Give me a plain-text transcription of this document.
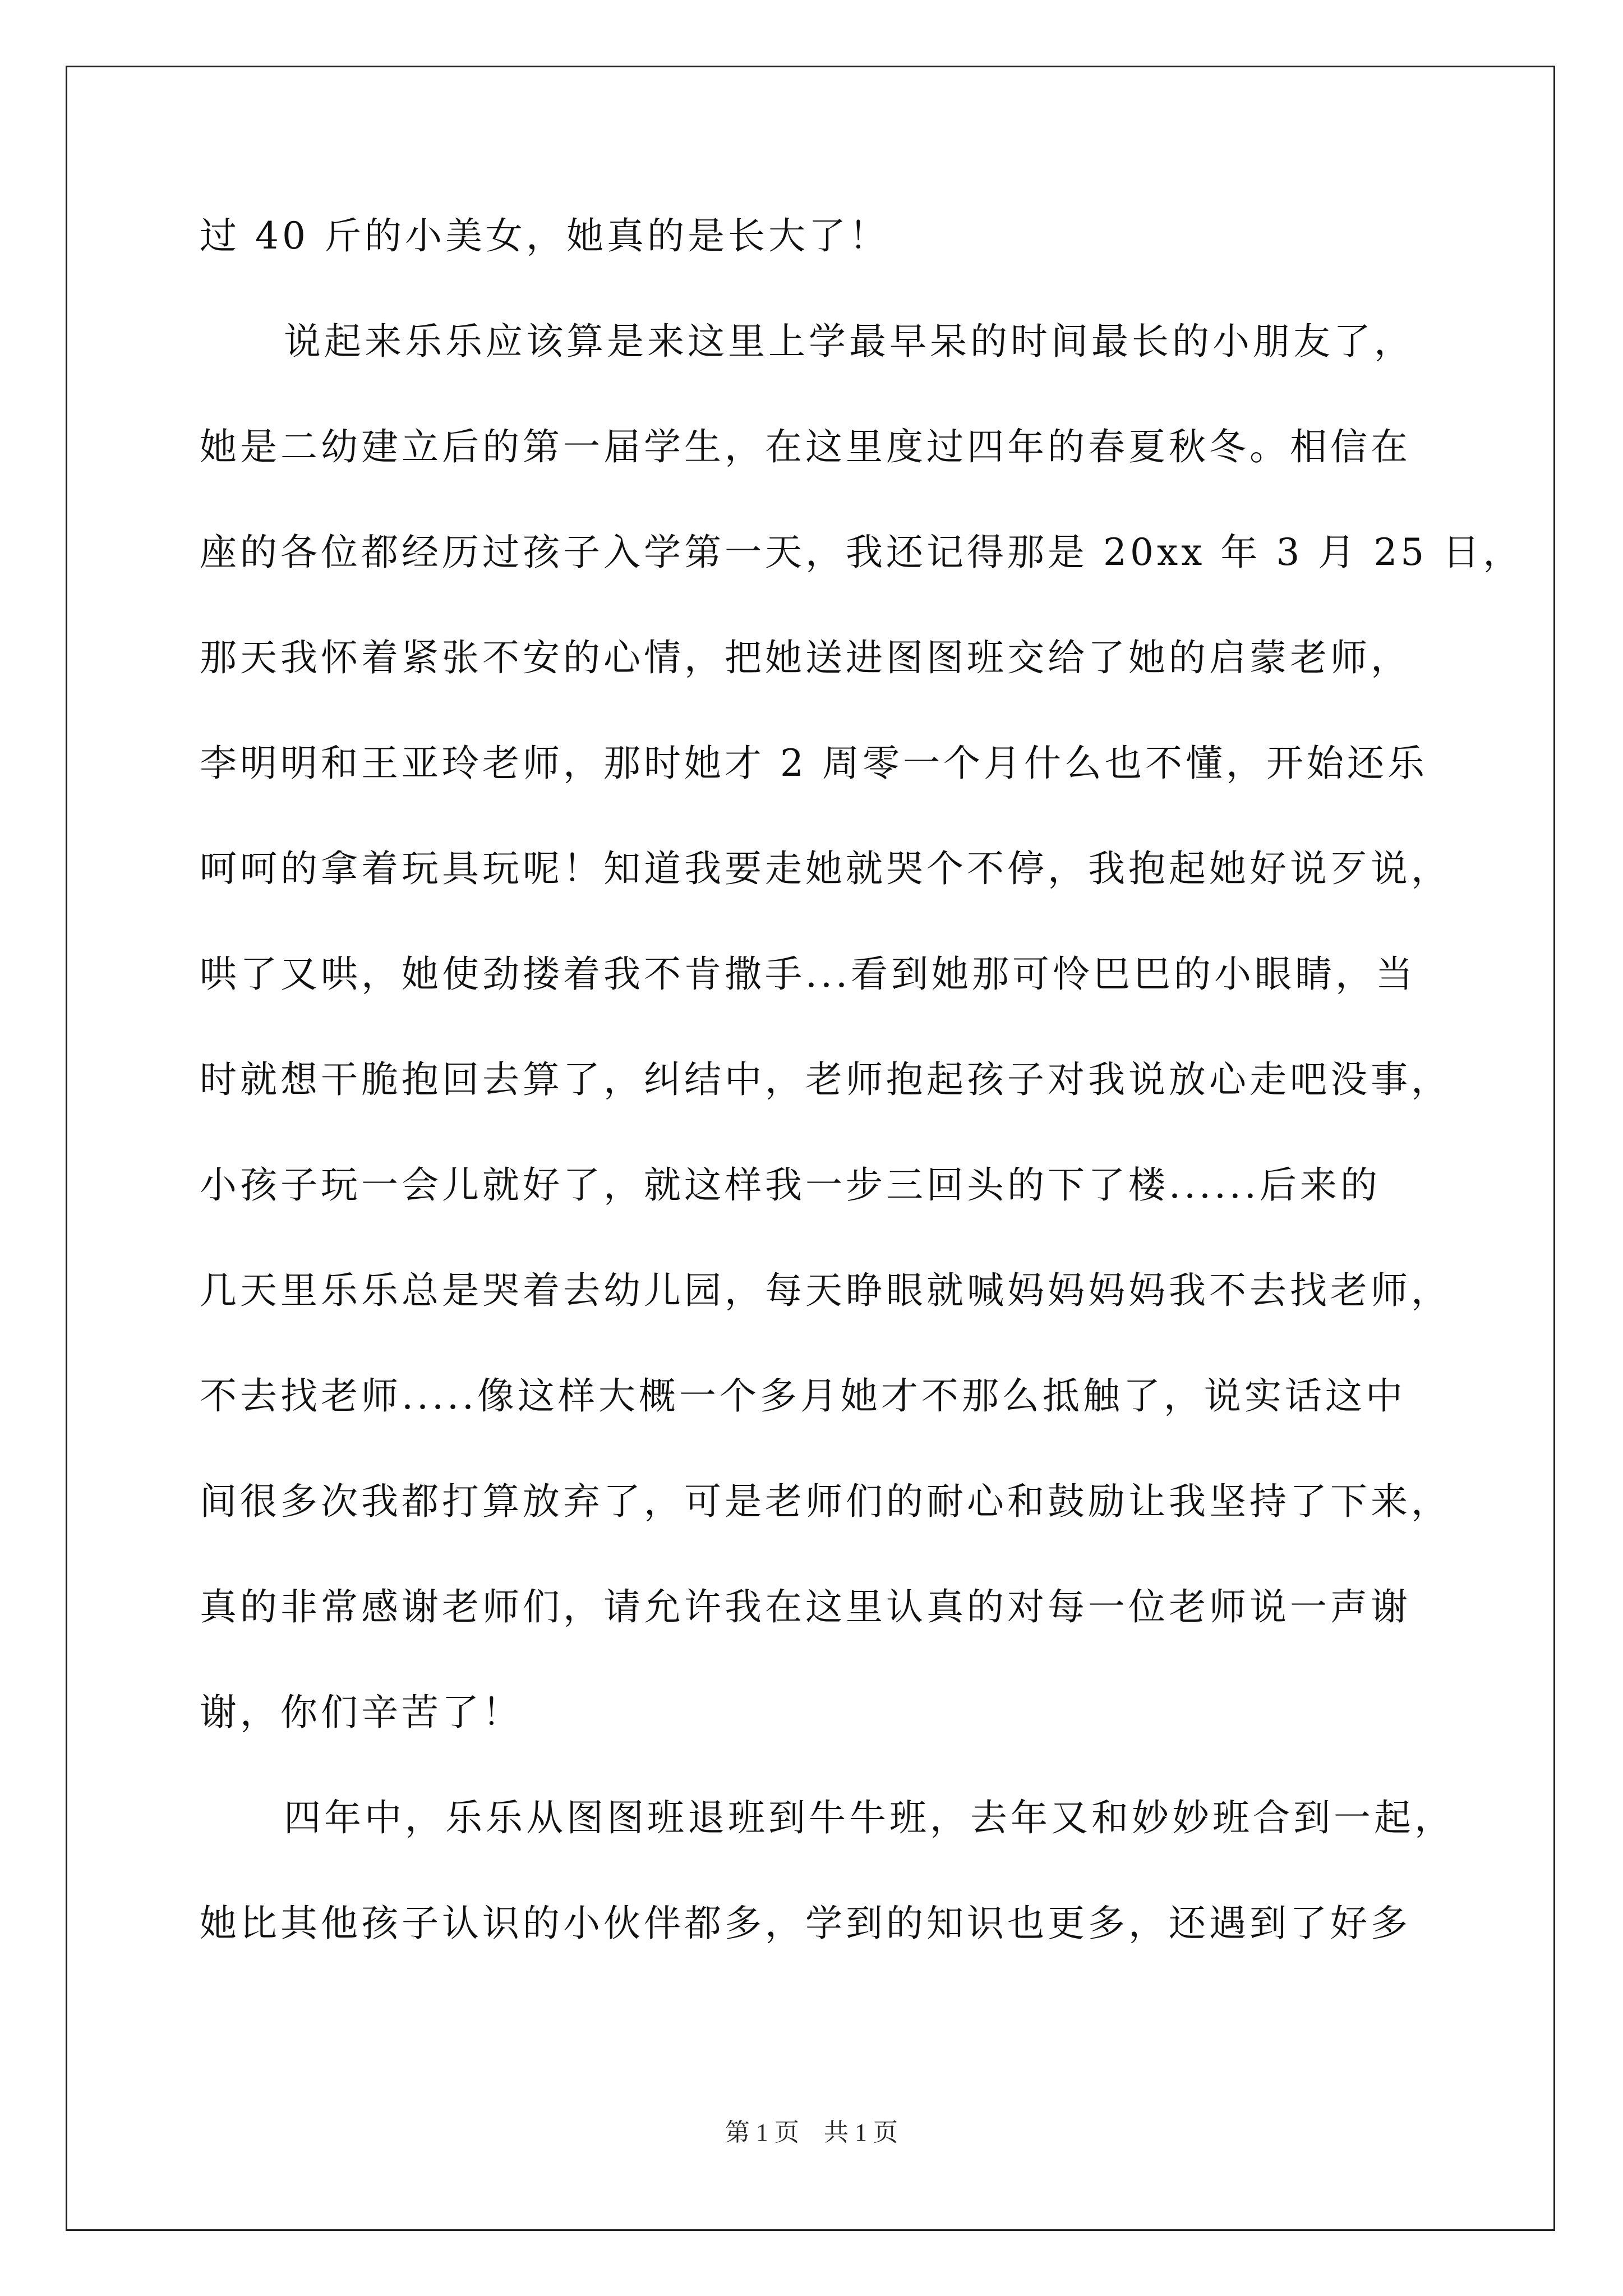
过 40 斤的小美女，她真的是长大了！
说起来乐乐应该算是来这里上学最早呆的时间最长的小朋友了，
她是二幼建立后的第一届学生，在这里度过四年的春夏秋冬。相信在
座的各位都经历过孩子入学第一天，我还记得那是 20xx 年 3 月 25 日，
那天我怀着紧张不安的心情，把她送进图图班交给了她的启蒙老师，
李明明和王亚玲老师，那时她才 2 周零一个月什么也不懂，开始还乐
呵呵的拿着玩具玩呢！知道我要走她就哭个不停，我抱起她好说歹说，
哄了又哄，她使劲搂着我不肯撒手...看到她那可怜巴巴的小眼睛，当
时就想干脆抱回去算了，纠结中，老师抱起孩子对我说放心走吧没事，
小孩子玩一会儿就好了，就这样我一步三回头的下了楼......后来的
几天里乐乐总是哭着去幼儿园，每天睁眼就喊妈妈妈妈我不去找老师，
不去找老师.....像这样大概一个多月她才不那么抵触了，说实话这中
间很多次我都打算放弃了，可是老师们的耐心和鼓励让我坚持了下来，
真的非常感谢老师们，请允许我在这里认真的对每一位老师说一声谢
谢，你们辛苦了！
四年中，乐乐从图图班退班到牛牛班，去年又和妙妙班合到一起，
她比其他孩子认识的小伙伴都多，学到的知识也更多，还遇到了好多
第 1 页　共 1 页
